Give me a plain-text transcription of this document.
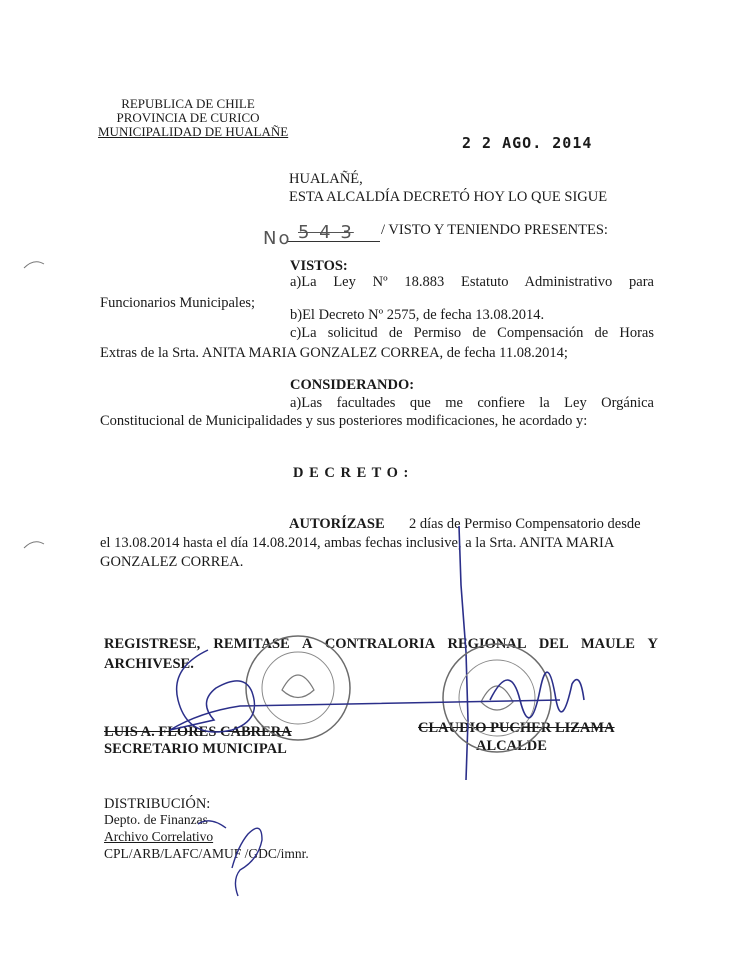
REPUBLICA DE CHILE
PROVINCIA DE CURICO
MUNICIPALIDAD DE HUALAÑE
2 2 AGO. 2014
HUALAÑÉ,
ESTA ALCALDÍA DECRETÓ HOY LO QUE SIGUE
No 5 4 3 / VISTO Y TENIENDO PRESENTES:
VISTOS:
a)La Ley Nº 18.883 Estatuto Administrativo para
Funcionarios Municipales;
b)El Decreto Nº 2575, de fecha 13.08.2014.
c)La solicitud de Permiso de Compensación de Horas
Extras de la Srta. ANITA MARIA GONZALEZ CORREA, de fecha 11.08.2014;
CONSIDERANDO:
a)Las facultades que me confiere la Ley Orgánica
Constitucional de Municipalidades y sus posteriores modificaciones, he acordado y:
D E C R E T O :
AUTORÍZASE 2 días de Permiso Compensatorio desde
el 13.08.2014 hasta el día 14.08.2014, ambas fechas inclusive, a la Srta. ANITA MARIA
GONZALEZ CORREA.
REGISTRESE, REMITASE A CONTRALORIA REGIONAL DEL MAULE Y
ARCHIVESE.
LUIS A. FLORES CABRERA
SECRETARIO MUNICIPAL
CLAUDIO PUCHER LIZAMA
ALCALDE
DISTRIBUCIÓN:
Depto. de Finanzas
Archivo Correlativo
CPL/ARB/LAFC/AMUF /GDC/imnr.
